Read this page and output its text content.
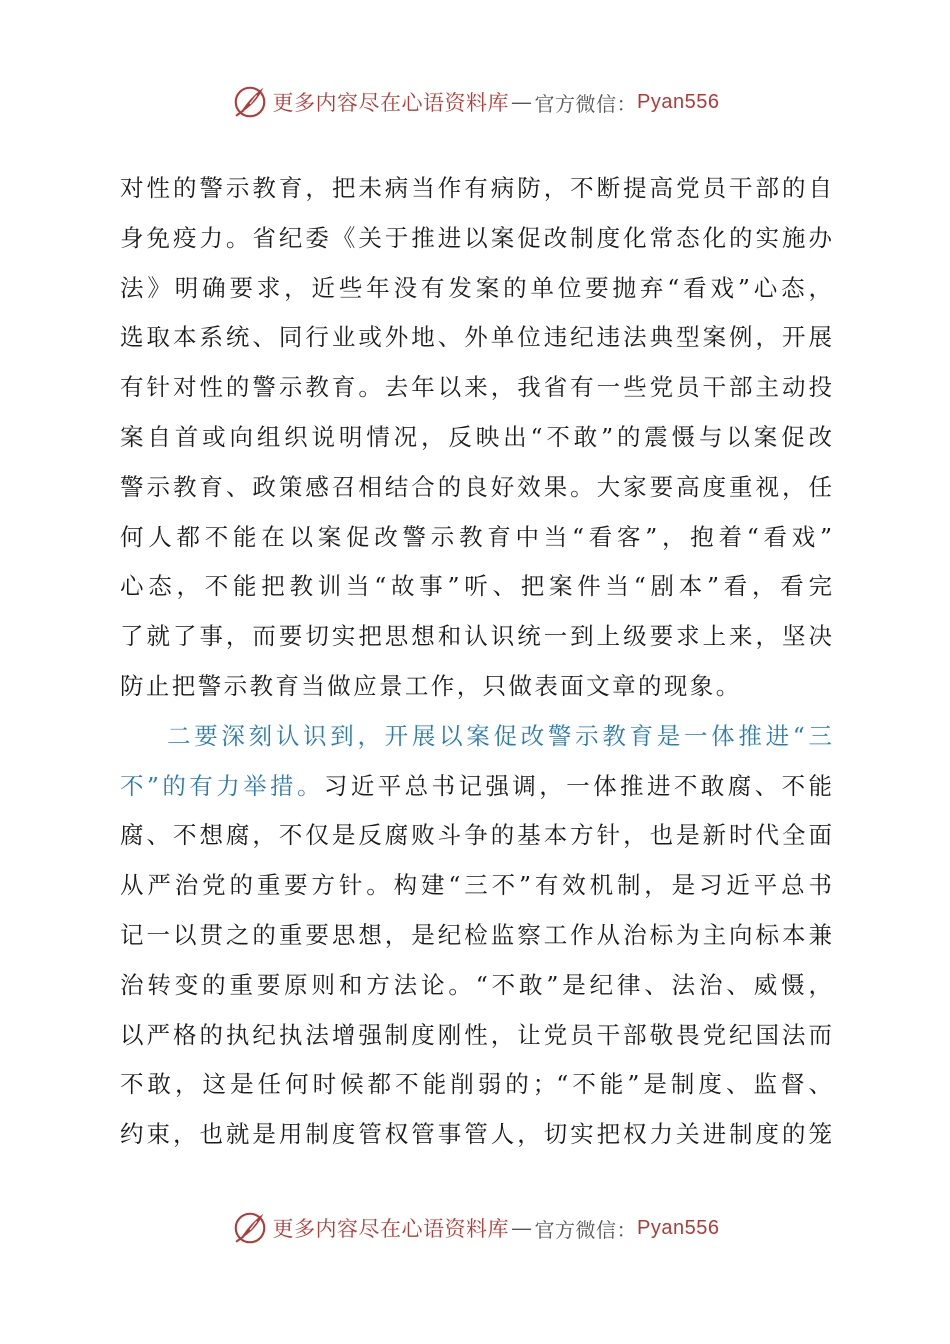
更多内容尽在心语资料库 — 官方微信： Pyan556
对性的警示教育，把未病当作有病防，不断提高党员干部的自
身免疫力。省纪委《关于推进以案促改制度化常态化的实施办
法》明确要求，近些年没有发案的单位要抛弃“看戏”心态，
选取本系统、同行业或外地、外单位违纪违法典型案例，开展
有针对性的警示教育。去年以来，我省有一些党员干部主动投
案自首或向组织说明情况，反映出“不敢”的震慑与以案促改
警示教育、政策感召相结合的良好效果。大家要高度重视，任
何人都不能在以案促改警示教育中当“看客”，抱着“看戏”
心态，不能把教训当“故事”听、把案件当“剧本”看，看完
了就了事，而要切实把思想和认识统一到上级要求上来，坚决
防止把警示教育当做应景工作，只做表面文章的现象。
二要深刻认识到，开展以案促改警示教育是一体推进“三
不”的有力举措。习近平总书记强调，一体推进不敢腐、不能
腐、不想腐，不仅是反腐败斗争的基本方针，也是新时代全面
从严治党的重要方针。构建“三不”有效机制，是习近平总书
记一以贯之的重要思想，是纪检监察工作从治标为主向标本兼
治转变的重要原则和方法论。“不敢”是纪律、法治、威慑，
以严格的执纪执法增强制度刚性，让党员干部敬畏党纪国法而
不敢，这是任何时候都不能削弱的；“不能”是制度、监督、
约束，也就是用制度管权管事管人，切实把权力关进制度的笼
更多内容尽在心语资料库 — 官方微信： Pyan556
